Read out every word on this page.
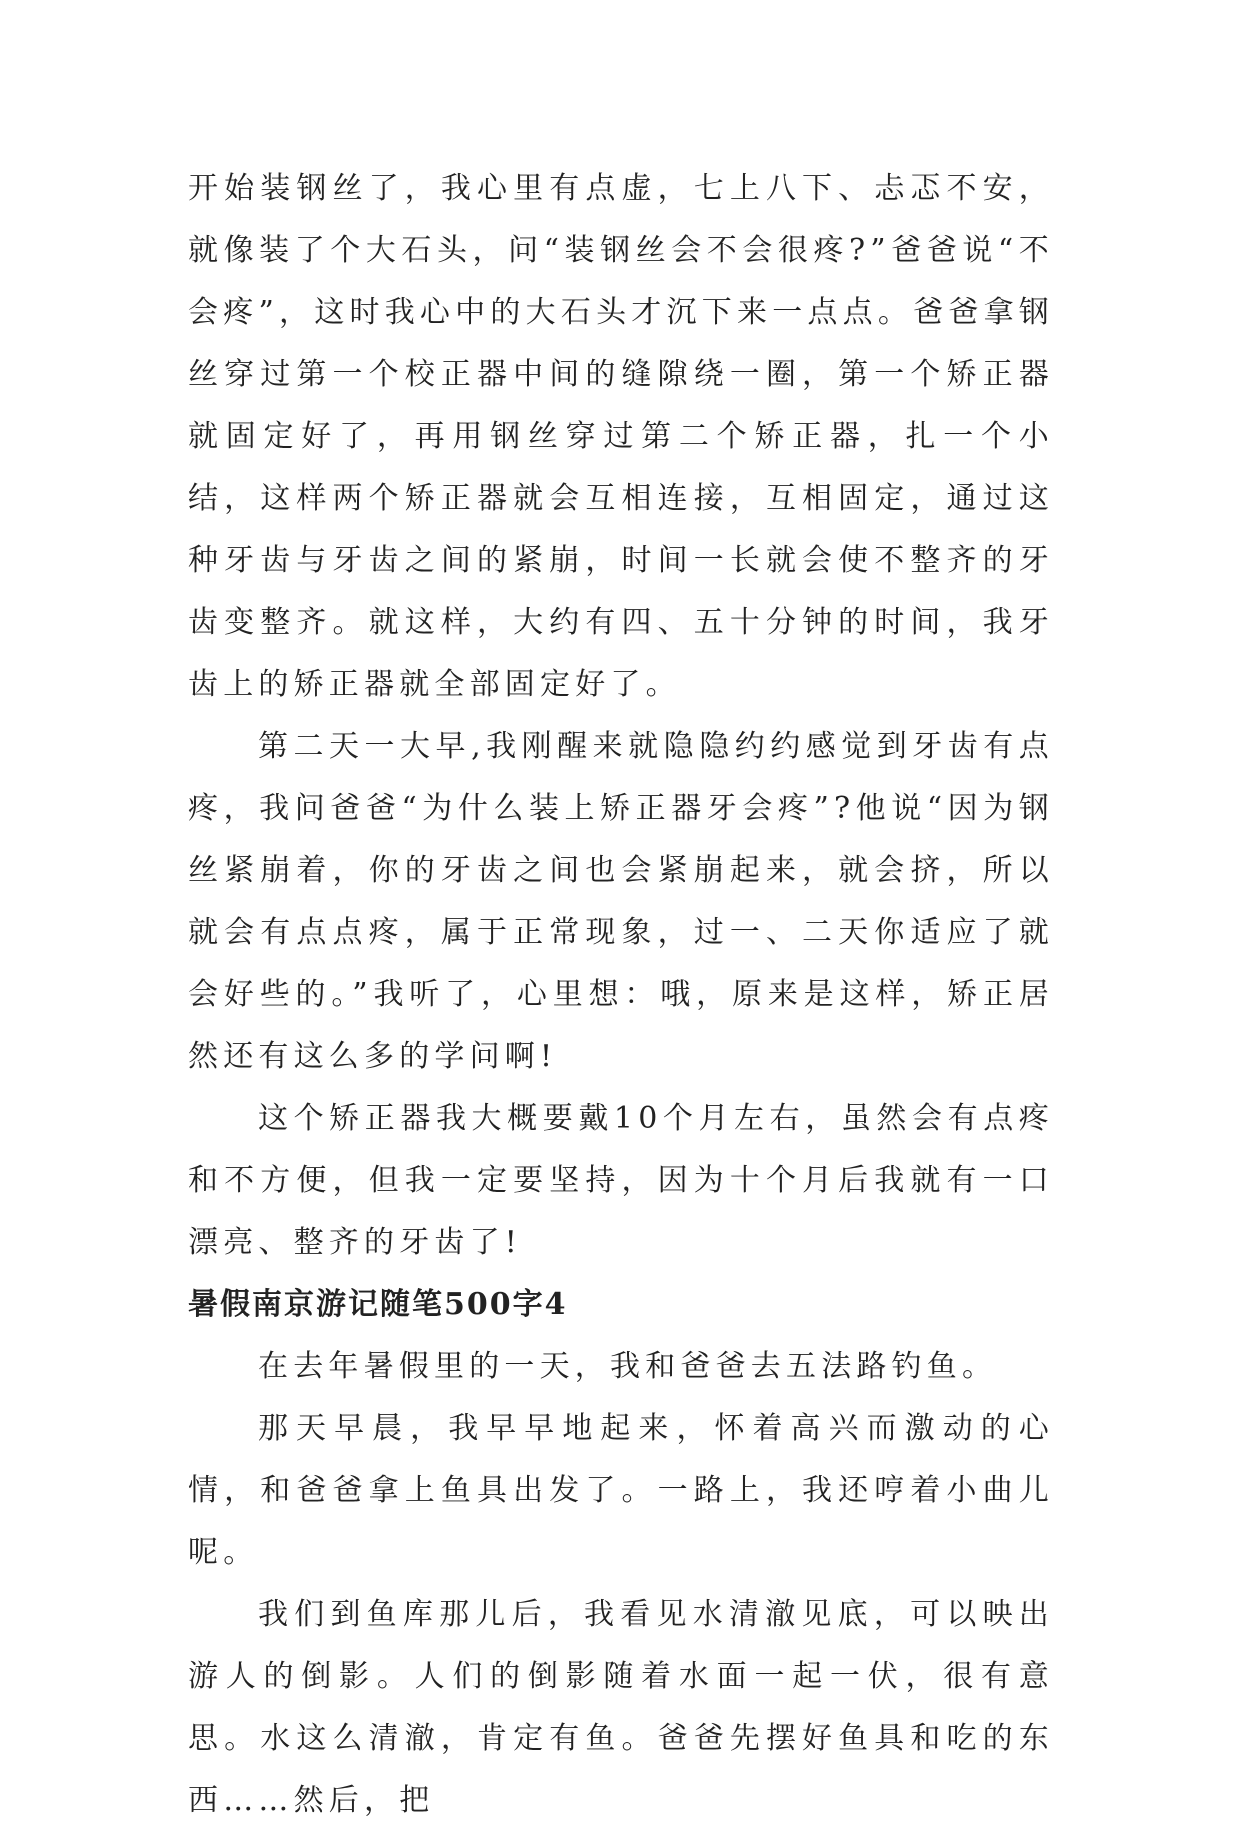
开始装钢丝了，我心里有点虚，七上八下、忐忑不安，就像装了个大石头，问“装钢丝会不会很疼?”爸爸说“不会疼”，这时我心中的大石头才沉下来一点点。爸爸拿钢丝穿过第一个校正器中间的缝隙绕一圈，第一个矫正器就固定好了，再用钢丝穿过第二个矫正器，扎一个小结，这样两个矫正器就会互相连接，互相固定，通过这种牙齿与牙齿之间的紧崩，时间一长就会使不整齐的牙齿变整齐。就这样，大约有四、五十分钟的时间，我牙齿上的矫正器就全部固定好了。

第二天一大早,我刚醒来就隐隐约约感觉到牙齿有点疼，我问爸爸“为什么装上矫正器牙会疼”?他说“因为钢丝紧崩着，你的牙齿之间也会紧崩起来，就会挤，所以就会有点点疼，属于正常现象，过一、二天你适应了就会好些的。”我听了，心里想：哦，原来是这样，矫正居然还有这么多的学问啊!

这个矫正器我大概要戴10个月左右，虽然会有点疼和不方便，但我一定要坚持，因为十个月后我就有一口漂亮、整齐的牙齿了!

暑假南京游记随笔500字4

在去年暑假里的一天，我和爸爸去五法路钓鱼。

那天早晨，我早早地起来，怀着高兴而激动的心情，和爸爸拿上鱼具出发了。一路上，我还哼着小曲儿呢。

我们到鱼库那儿后，我看见水清澈见底，可以映出游人的倒影。人们的倒影随着水面一起一伏，很有意思。水这么清澈，肯定有鱼。爸爸先摆好鱼具和吃的东西……然后，把
